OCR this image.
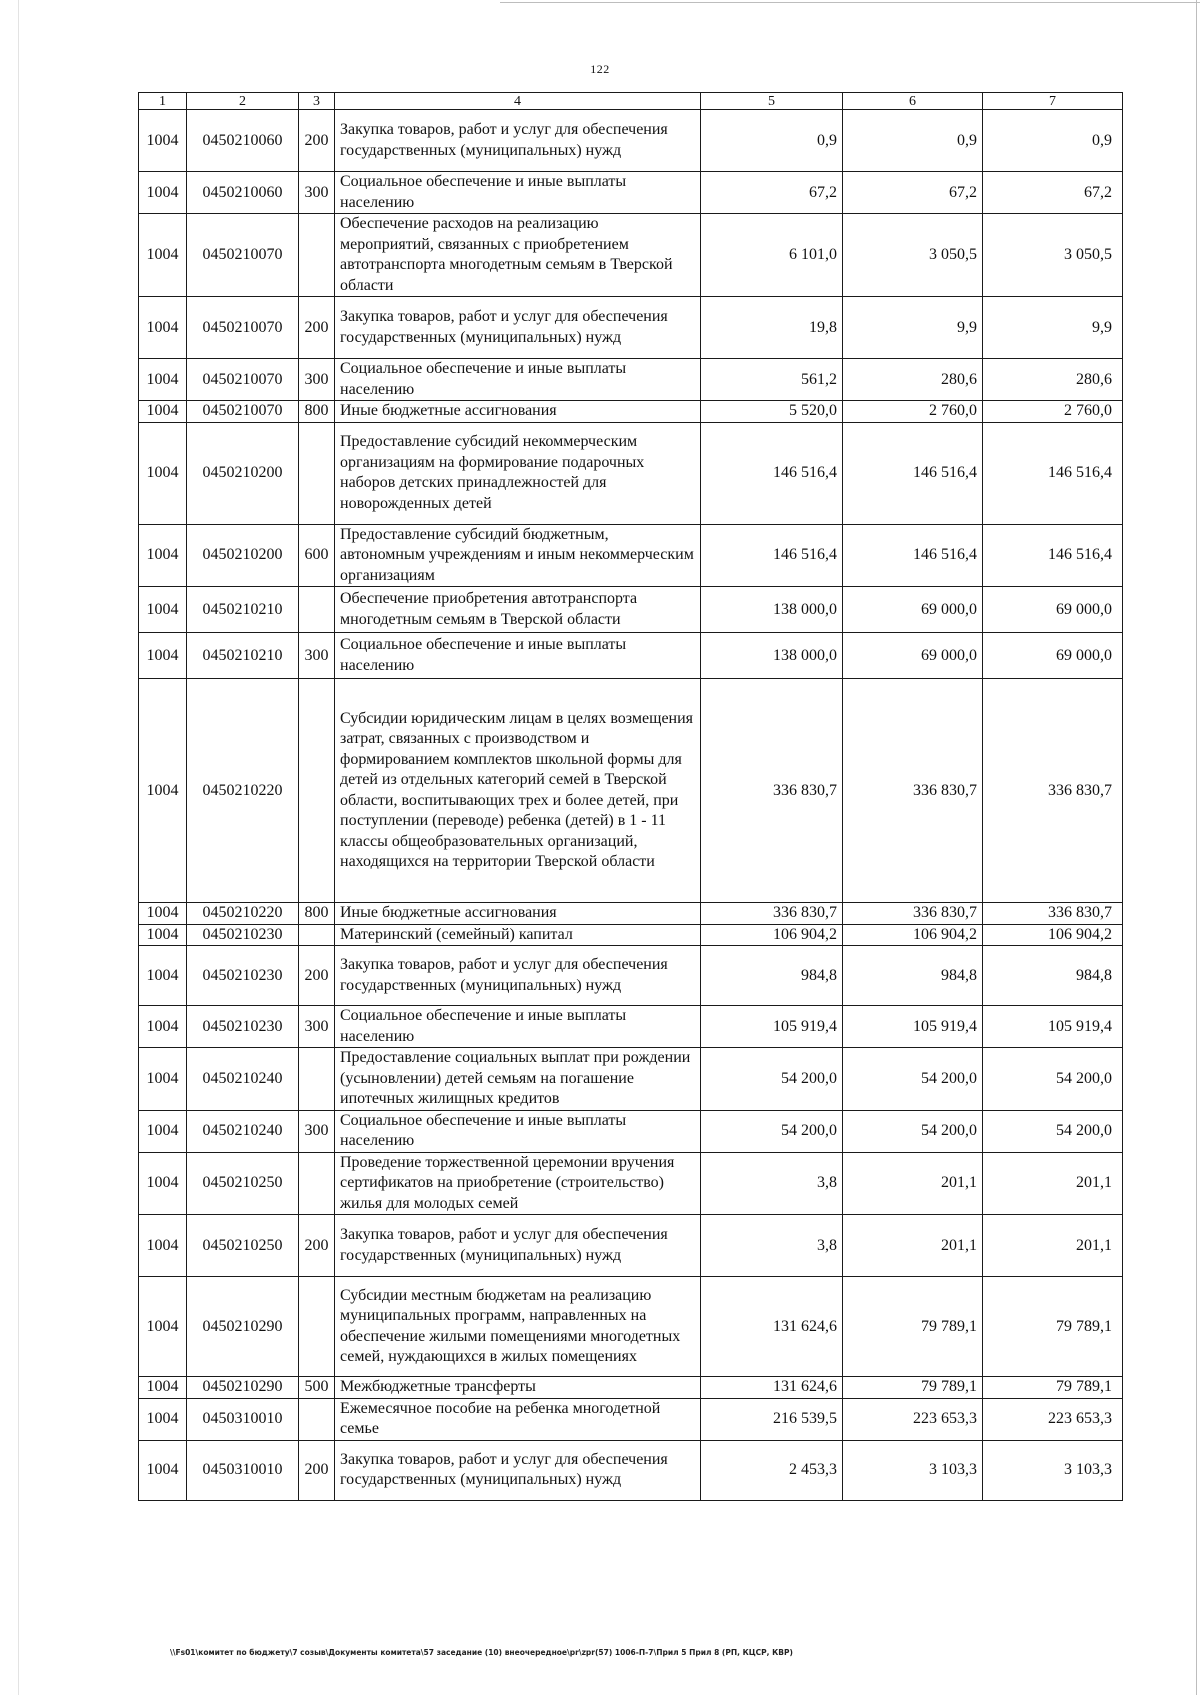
122
1	2	3	4	5	6	7
1004	0450210060	200	Закупка товаров, работ и услуг для обеспечения государственных (муниципальных) нужд	0,9	0,9	0,9
1004	0450210060	300	Социальное обеспечение и иные выплаты населению	67,2	67,2	67,2
1004	0450210070		Обеспечение расходов на реализацию мероприятий, связанных с приобретением автотранспорта многодетным семьям в Тверской области	6 101,0	3 050,5	3 050,5
1004	0450210070	200	Закупка товаров, работ и услуг для обеспечения государственных (муниципальных) нужд	19,8	9,9	9,9
1004	0450210070	300	Социальное обеспечение и иные выплаты населению	561,2	280,6	280,6
1004	0450210070	800	Иные бюджетные ассигнования	5 520,0	2 760,0	2 760,0
1004	0450210200		Предоставление субсидий некоммерческим организациям на формирование подарочных наборов детских принадлежностей для новорожденных детей	146 516,4	146 516,4	146 516,4
1004	0450210200	600	Предоставление субсидий бюджетным, автономным учреждениям и иным некоммерческим организациям	146 516,4	146 516,4	146 516,4
1004	0450210210		Обеспечение приобретения автотранспорта многодетным семьям в Тверской области	138 000,0	69 000,0	69 000,0
1004	0450210210	300	Социальное обеспечение и иные выплаты населению	138 000,0	69 000,0	69 000,0
1004	0450210220		Субсидии юридическим лицам в целях возмещения затрат, связанных с производством и формированием комплектов школьной формы для детей из отдельных категорий семей в Тверской области, воспитывающих трех и более детей, при поступлении (переводе) ребенка (детей) в 1 - 11 классы общеобразовательных организаций, находящихся на территории Тверской области	336 830,7	336 830,7	336 830,7
1004	0450210220	800	Иные бюджетные ассигнования	336 830,7	336 830,7	336 830,7
1004	0450210230		Материнский (семейный) капитал	106 904,2	106 904,2	106 904,2
1004	0450210230	200	Закупка товаров, работ и услуг для обеспечения государственных (муниципальных) нужд	984,8	984,8	984,8
1004	0450210230	300	Социальное обеспечение и иные выплаты населению	105 919,4	105 919,4	105 919,4
1004	0450210240		Предоставление социальных выплат при рождении (усыновлении) детей семьям на погашение ипотечных жилищных кредитов	54 200,0	54 200,0	54 200,0
1004	0450210240	300	Социальное обеспечение и иные выплаты населению	54 200,0	54 200,0	54 200,0
1004	0450210250		Проведение торжественной церемонии вручения сертификатов на приобретение (строительство) жилья для молодых семей	3,8	201,1	201,1
1004	0450210250	200	Закупка товаров, работ и услуг для обеспечения государственных (муниципальных) нужд	3,8	201,1	201,1
1004	0450210290		Субсидии местным бюджетам на реализацию муниципальных программ, направленных на обеспечение жилыми помещениями многодетных семей, нуждающихся в жилых помещениях	131 624,6	79 789,1	79 789,1
1004	0450210290	500	Межбюджетные трансферты	131 624,6	79 789,1	79 789,1
1004	0450310010		Ежемесячное пособие на ребенка многодетной семье	216 539,5	223 653,3	223 653,3
1004	0450310010	200	Закупка товаров, работ и услуг для обеспечения государственных (муниципальных) нужд	2 453,3	3 103,3	3 103,3
\\Fs01\комитет по бюджету\7 созыв\Документы комитета\57 заседание (10) внеочередное\pr\zpr(57) 1006-П-7\Прил 5 Прил 8 (РП, КЦСР, КВР)
